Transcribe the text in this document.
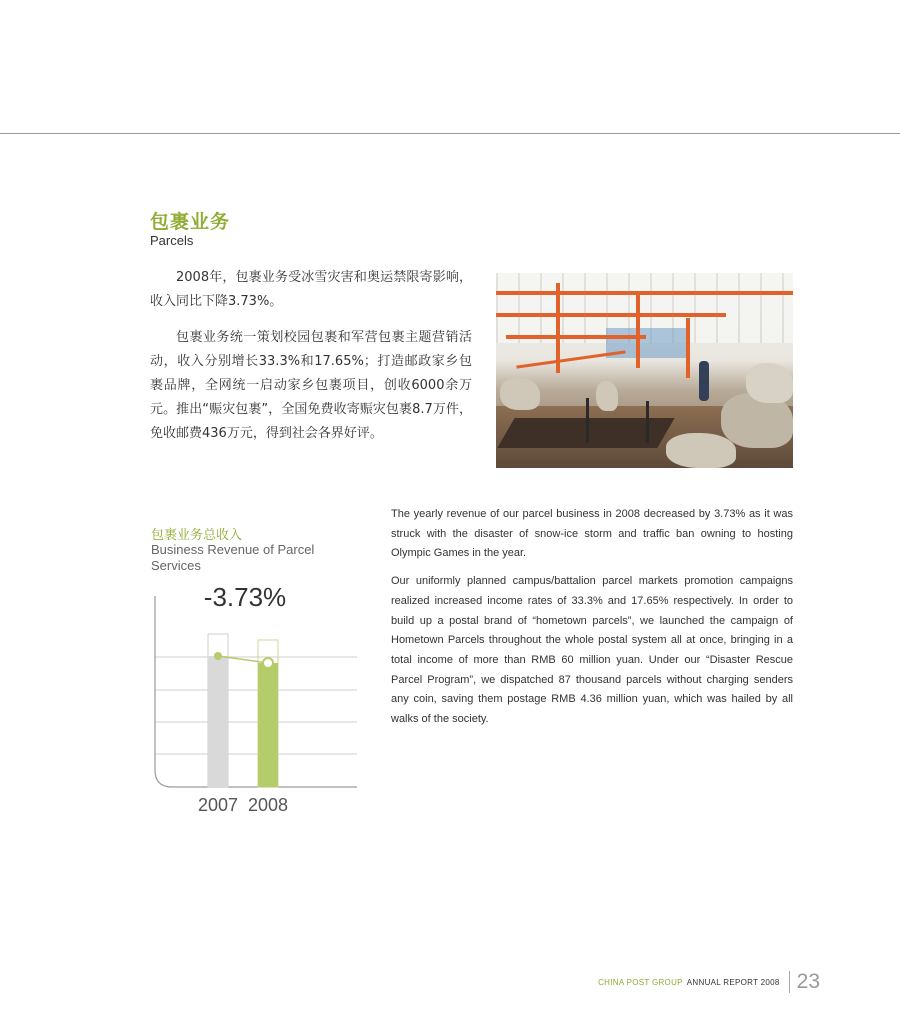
包裹业务
Parcels

2008年，包裹业务受冰雪灾害和奥运禁限寄影响，收入同比下降3.73%。

包裹业务统一策划校园包裹和军营包裹主题营销活动，收入分别增长33.3%和17.65%；打造邮政家乡包裹品牌，全网统一启动家乡包裹项目，创收6000余万元。推出“赈灾包裹”，全国免费收寄赈灾包裹8.7万件，免收邮费436万元，得到社会各界好评。

包裹业务总收入
Business Revenue of Parcel Services
-3.73%
2007 2008

The yearly revenue of our parcel business in 2008 decreased by 3.73% as it was struck with the disaster of snow-ice storm and traffic ban owning to hosting Olympic Games in the year.

Our uniformly planned campus/battalion parcel markets promotion campaigns realized increased income rates of 33.3% and 17.65% respectively. In order to build up a postal brand of “hometown parcels”, we launched the campaign of Hometown Parcels throughout the whole postal system all at once, bringing in a total income of more than RMB 60 million yuan. Under our “Disaster Rescue Parcel Program”, we dispatched 87 thousand parcels without charging senders any coin, saving them postage RMB 4.36 million yuan, which was hailed by all walks of the society.

CHINA POST GROUP ANNUAL REPORT 2008 23
